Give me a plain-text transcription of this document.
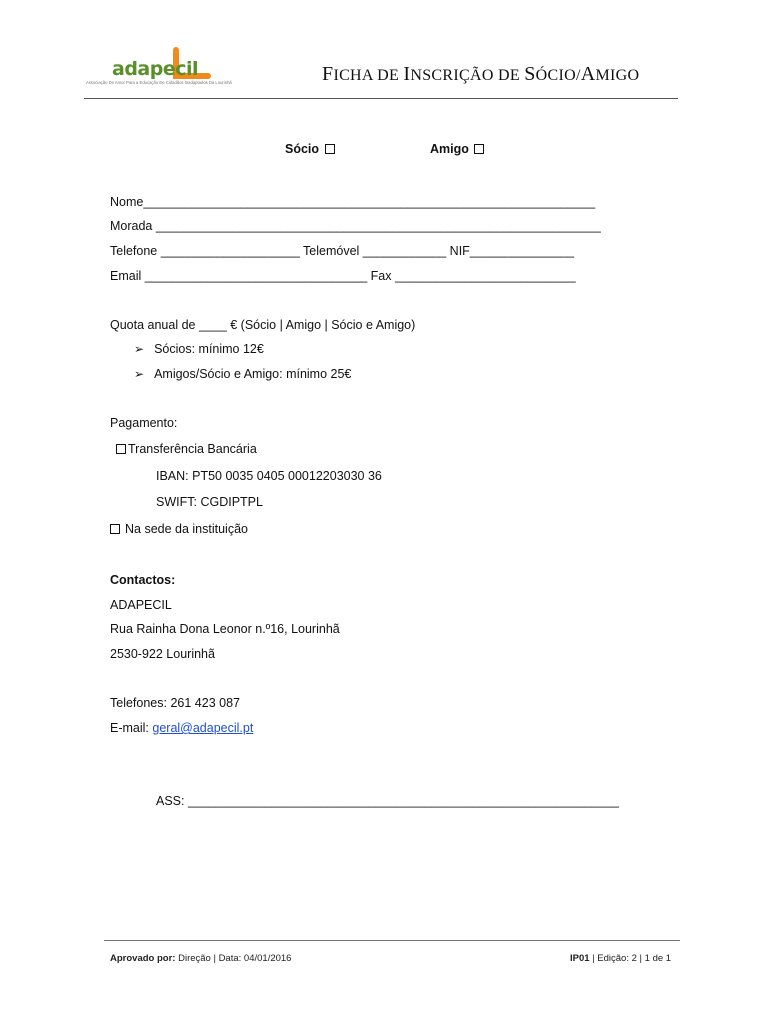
adapecil
Associação De Amor Para a Educação De Cidadãos Inadaptados Da Lourinhã	FICHA DE INSCRIÇÃO DE SÓCIO/AMIGO
Sócio	Amigo
Nome_________________________________________________________________
Morada ________________________________________________________________
Telefone ____________________ Telemóvel ____________ NIF_______________
Email ________________________________ Fax __________________________
Quota anual de ____ € (Sócio | Amigo | Sócio e Amigo)
➢ Sócios: mínimo 12€
➢ Amigos/Sócio e Amigo: mínimo 25€
Pagamento:
Transferência Bancária
IBAN: PT50 0035 0405 00012203030 36
SWIFT: CGDIPTPL
Na sede da instituição
Contactos:
ADAPECIL
Rua Rainha Dona Leonor n.º16, Lourinhã
2530-922 Lourinhã
Telefones: 261 423 087
E-mail: geral@adapecil.pt
ASS: ______________________________________________________________
Aprovado por: Direção | Data: 04/01/2016	IP01 | Edição: 2 | 1 de 1
